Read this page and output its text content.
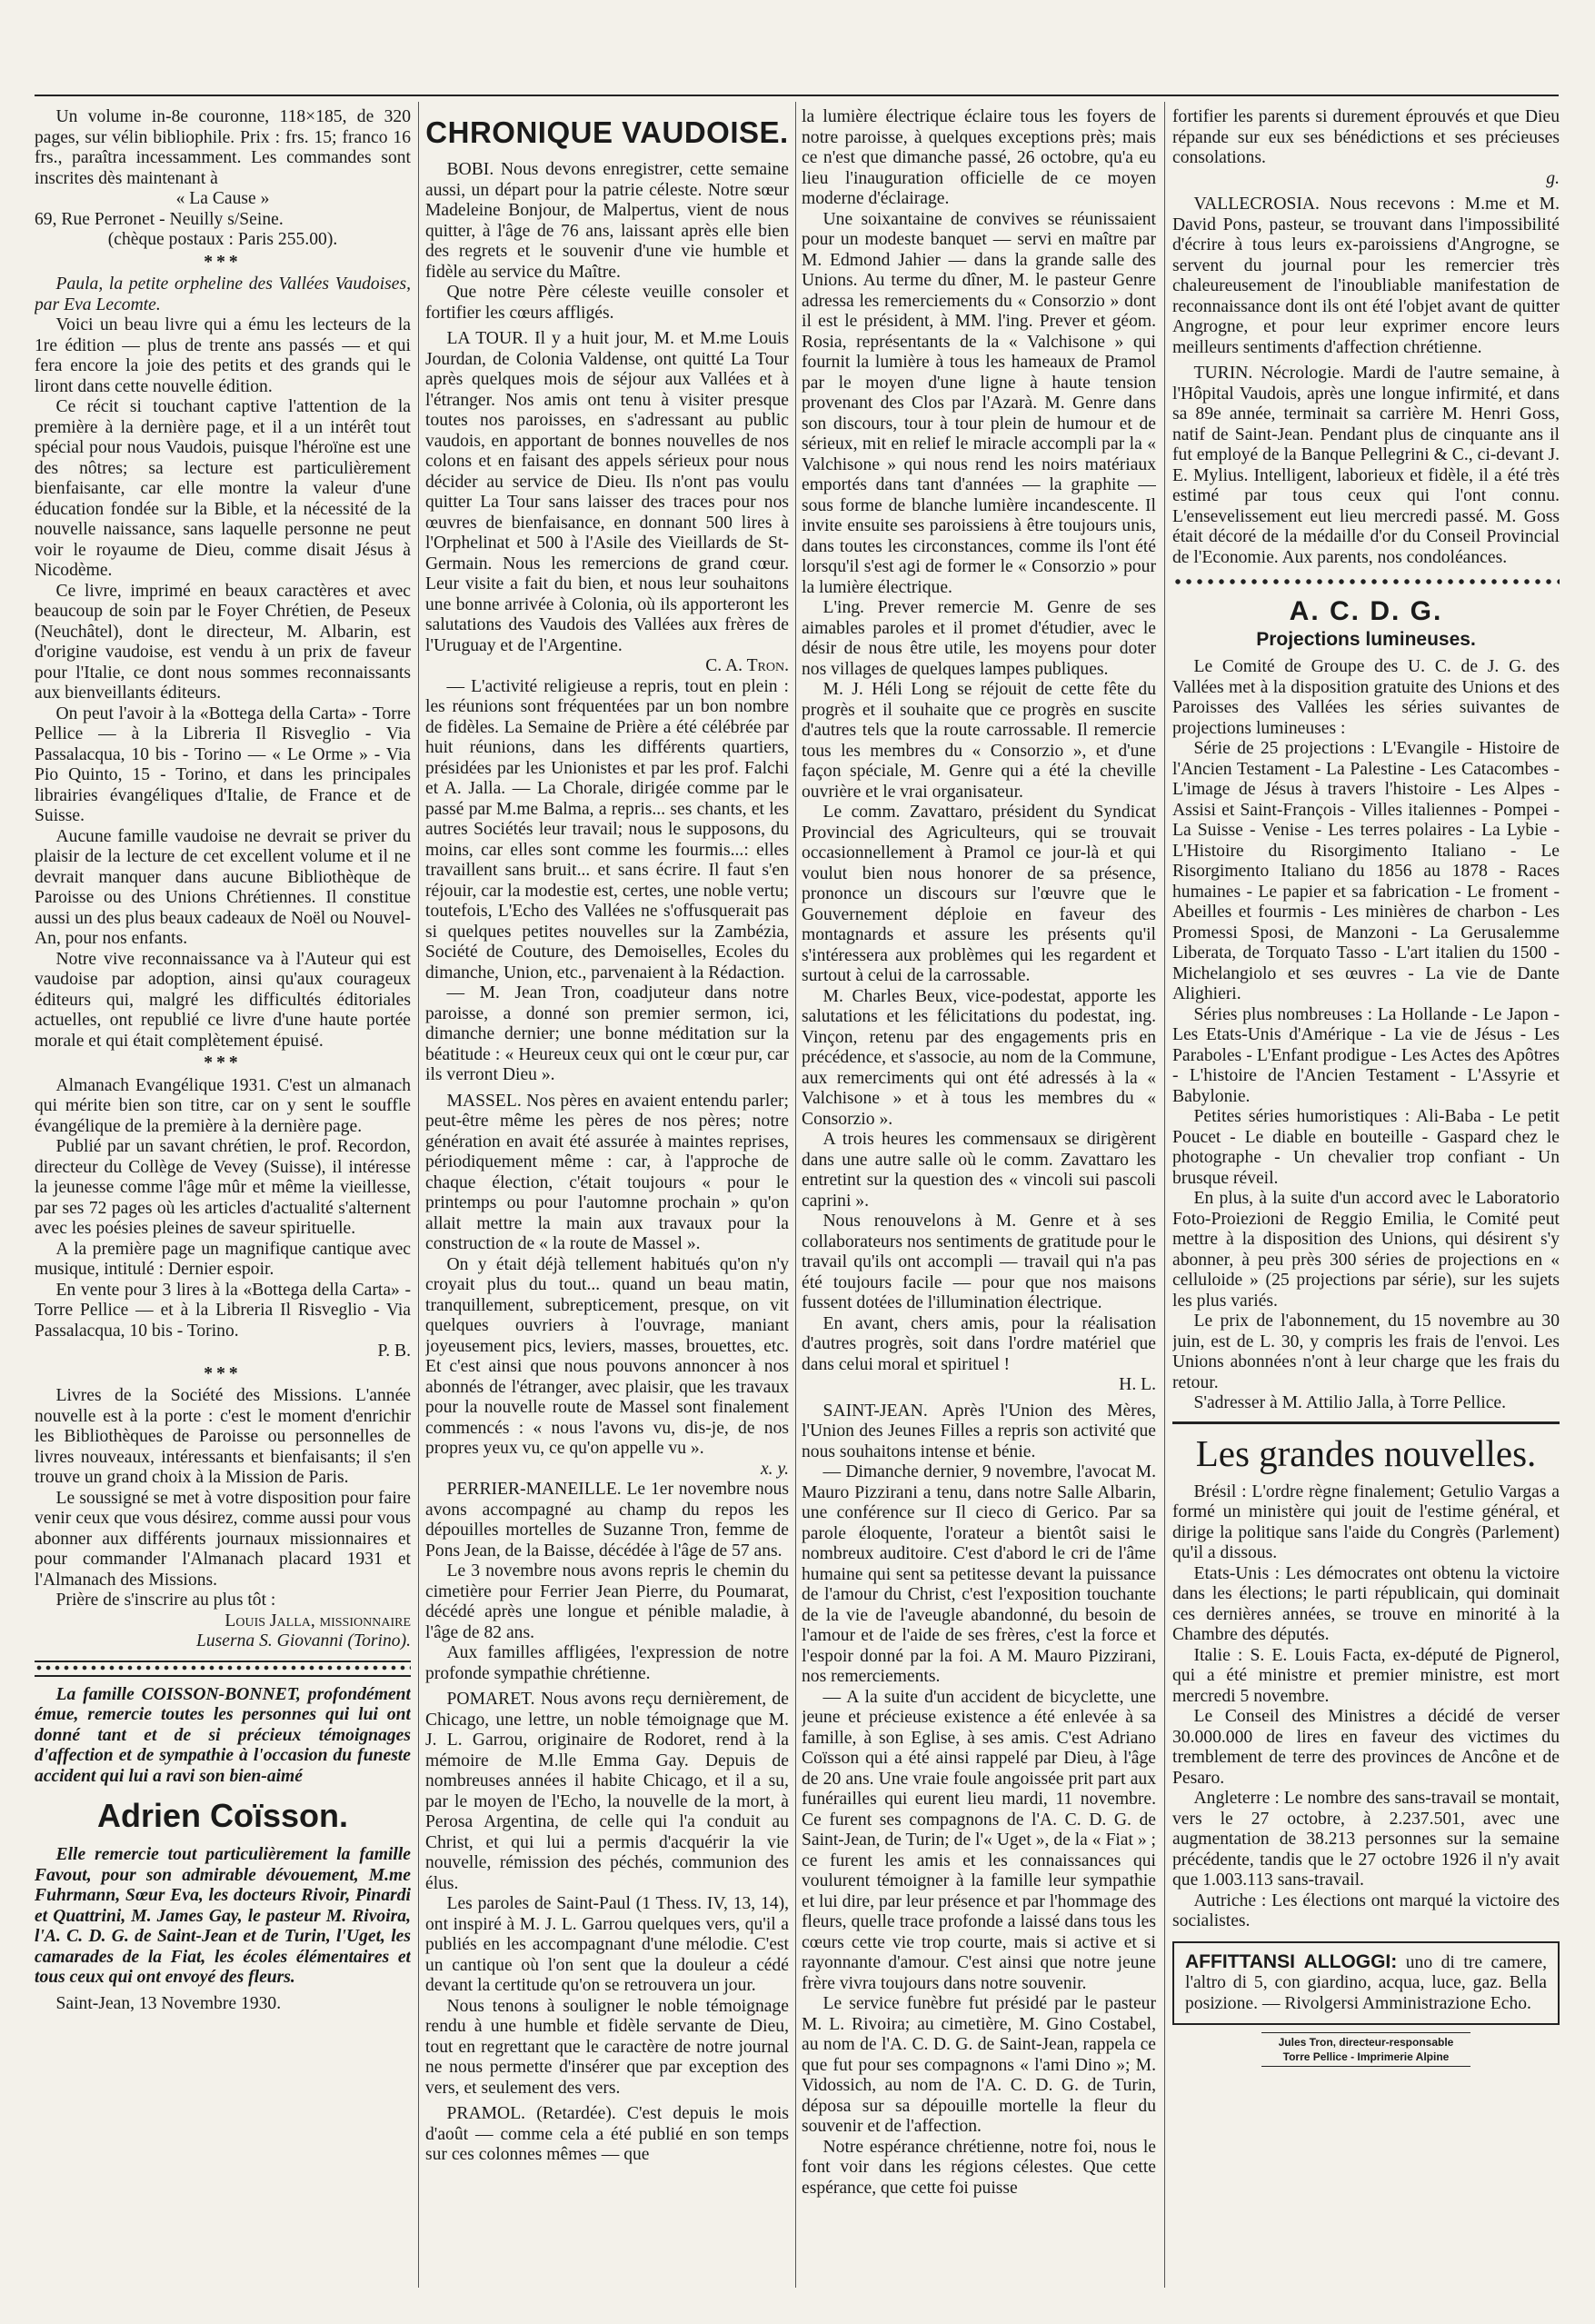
Un volume in-8e couronne, 118×185, de 320 pages, sur vélin bibliophile. Prix : frs. 15; franco 16 frs., paraîtra incessamment. Les commandes sont inscrites dès maintenant à

« La Cause »

69, Rue Perronet - Neuilly s/Seine.

(chèque postaux : Paris 255.00).

***

Paula, la petite orpheline des Vallées Vaudoises, par Eva Lecomte.

Voici un beau livre qui a ému les lecteurs de la 1re édition — plus de trente ans passés — et qui fera encore la joie des petits et des grands qui le liront dans cette nouvelle édition.

Ce récit si touchant captive l'attention de la première à la dernière page, et il a un intérêt tout spécial pour nous Vaudois, puisque l'héroïne est une des nôtres; sa lecture est particulièrement bienfaisante, car elle montre la valeur d'une éducation fondée sur la Bible, et la nécessité de la nouvelle naissance, sans laquelle personne ne peut voir le royaume de Dieu, comme disait Jésus à Nicodème.

Ce livre, imprimé en beaux caractères et avec beaucoup de soin par le Foyer Chrétien, de Peseux (Neuchâtel), dont le directeur, M. Albarin, est d'origine vaudoise, est vendu à un prix de faveur pour l'Italie, ce dont nous sommes reconnaissants aux bienveillants éditeurs.

On peut l'avoir à la «Bottega della Carta» - Torre Pellice — à la Libreria Il Risveglio - Via Passalacqua, 10 bis - Torino — « Le Orme » - Via Pio Quinto, 15 - Torino, et dans les principales librairies évangéliques d'Italie, de France et de Suisse.

Aucune famille vaudoise ne devrait se priver du plaisir de la lecture de cet excellent volume et il ne devrait manquer dans aucune Bibliothèque de Paroisse ou des Unions Chrétiennes. Il constitue aussi un des plus beaux cadeaux de Noël ou Nouvel-An, pour nos enfants.

Notre vive reconnaissance va à l'Auteur qui est vaudoise par adoption, ainsi qu'aux courageux éditeurs qui, malgré les difficultés éditoriales actuelles, ont republié ce livre d'une haute portée morale et qui était complètement épuisé.

***

Almanach Evangélique 1931. C'est un almanach qui mérite bien son titre, car on y sent le souffle évangélique de la première à la dernière page.

Publié par un savant chrétien, le prof. Recordon, directeur du Collège de Vevey (Suisse), il intéresse la jeunesse comme l'âge mûr et même la vieillesse, par ses 72 pages où les articles d'actualité s'alternent avec les poésies pleines de saveur spirituelle.

A la première page un magnifique cantique avec musique, intitulé : Dernier espoir.

En vente pour 3 lires à la «Bottega della Carta» - Torre Pellice — et à la Libreria Il Risveglio - Via Passalacqua, 10 bis - Torino.

P. B.

***

Livres de la Société des Missions. L'année nouvelle est à la porte : c'est le moment d'enrichir les Bibliothèques de Paroisse ou personnelles de livres nouveaux, intéressants et bienfaisants; il s'en trouve un grand choix à la Mission de Paris.

Le soussigné se met à votre disposition pour faire venir ceux que vous désirez, comme aussi pour vous abonner aux différents journaux missionnaires et pour commander l'Almanach placard 1931 et l'Almanach des Missions.

Prière de s'inscrire au plus tôt :

Louis Jalla, missionnaire

Luserna S. Giovanni (Torino).

La famille COISSON-BONNET, profondément émue, remercie toutes les personnes qui lui ont donné tant et de si précieux témoignages d'affection et de sympathie à l'occasion du funeste accident qui lui a ravi son bien-aimé

Adrien Coïsson.

Elle remercie tout particulièrement la famille Favout, pour son admirable dévouement, M.me Fuhrmann, Sœur Eva, les docteurs Rivoir, Pinardi et Quattrini, M. James Gay, le pasteur M. Rivoira, l'A. C. D. G. de Saint-Jean et de Turin, l'Uget, les camarades de la Fiat, les écoles élémentaires et tous ceux qui ont envoyé des fleurs.

Saint-Jean, 13 Novembre 1930.

CHRONIQUE VAUDOISE.

BOBI. Nous devons enregistrer, cette semaine aussi, un départ pour la patrie céleste. Notre sœur Madeleine Bonjour, de Malpertus, vient de nous quitter, à l'âge de 76 ans, laissant après elle bien des regrets et le souvenir d'une vie humble et fidèle au service du Maître.

Que notre Père céleste veuille consoler et fortifier les cœurs affligés.

LA TOUR. Il y a huit jour, M. et M.me Louis Jourdan, de Colonia Valdense, ont quitté La Tour après quelques mois de séjour aux Vallées et à l'étranger. Nos amis ont tenu à visiter presque toutes nos paroisses, en s'adressant au public vaudois, en apportant de bonnes nouvelles de nos colons et en faisant des appels sérieux pour nous décider au service de Dieu. Ils n'ont pas voulu quitter La Tour sans laisser des traces pour nos œuvres de bienfaisance, en donnant 500 lires à l'Orphelinat et 500 à l'Asile des Vieillards de St-Germain. Nous les remercions de grand cœur. Leur visite a fait du bien, et nous leur souhaitons une bonne arrivée à Colonia, où ils apporteront les salutations des Vaudois des Vallées aux frères de l'Uruguay et de l'Argentine.

C. A. Tron.

— L'activité religieuse a repris, tout en plein : les réunions sont fréquentées par un bon nombre de fidèles. La Semaine de Prière a été célébrée par huit réunions, dans les différents quartiers, présidées par les Unionistes et par les prof. Falchi et A. Jalla. — La Chorale, dirigée comme par le passé par M.me Balma, a repris... ses chants, et les autres Sociétés leur travail; nous le supposons, du moins, car elles sont comme les fourmis...: elles travaillent sans bruit... et sans écrire. Il faut s'en réjouir, car la modestie est, certes, une noble vertu; toutefois, L'Echo des Vallées ne s'offusquerait pas si quelques petites nouvelles sur la Zambézia, Société de Couture, des Demoiselles, Ecoles du dimanche, Union, etc., parvenaient à la Rédaction.

— M. Jean Tron, coadjuteur dans notre paroisse, a donné son premier sermon, ici, dimanche dernier; une bonne méditation sur la béatitude : « Heureux ceux qui ont le cœur pur, car ils verront Dieu ».

MASSEL. Nos pères en avaient entendu parler; peut-être même les pères de nos pères; notre génération en avait été assurée à maintes reprises, périodiquement même : car, à l'approche de chaque élection, c'était toujours « pour le printemps ou pour l'automne prochain » qu'on allait mettre la main aux travaux pour la construction de « la route de Massel ».

On y était déjà tellement habitués qu'on n'y croyait plus du tout... quand un beau matin, tranquillement, subrepticement, presque, on vit quelques ouvriers à l'ouvrage, maniant joyeusement pics, leviers, masses, brouettes, etc. Et c'est ainsi que nous pouvons annoncer à nos abonnés de l'étranger, avec plaisir, que les travaux pour la nouvelle route de Massel sont finalement commencés : « nous l'avons vu, dis-je, de nos propres yeux vu, ce qu'on appelle vu ».

x. y.

PERRIER-MANEILLE. Le 1er novembre nous avons accompagné au champ du repos les dépouilles mortelles de Suzanne Tron, femme de Pons Jean, de la Baisse, décédée à l'âge de 57 ans.

Le 3 novembre nous avons repris le chemin du cimetière pour Ferrier Jean Pierre, du Poumarat, décédé après une longue et pénible maladie, à l'âge de 82 ans.

Aux familles affligées, l'expression de notre profonde sympathie chrétienne.

POMARET. Nous avons reçu dernièrement, de Chicago, une lettre, un noble témoignage que M. J. L. Garrou, originaire de Rodoret, rend à la mémoire de M.lle Emma Gay. Depuis de nombreuses années il habite Chicago, et il a su, par le moyen de l'Echo, la nouvelle de la mort, à Perosa Argentina, de celle qui l'a conduit au Christ, et qui lui a permis d'acquérir la vie nouvelle, rémission des péchés, communion des élus.

Les paroles de Saint-Paul (1 Thess. IV, 13, 14), ont inspiré à M. J. L. Garrou quelques vers, qu'il a publiés en les accompagnant d'une mélodie. C'est un cantique où l'on sent que la douleur a cédé devant la certitude qu'on se retrouvera un jour.

Nous tenons à souligner le noble témoignage rendu à une humble et fidèle servante de Dieu, tout en regrettant que le caractère de notre journal ne nous permette d'insérer que par exception des vers, et seulement des vers.

PRAMOL. (Retardée). C'est depuis le mois d'août — comme cela a été publié en son temps sur ces colonnes mêmes — que

la lumière électrique éclaire tous les foyers de notre paroisse, à quelques exceptions près; mais ce n'est que dimanche passé, 26 octobre, qu'a eu lieu l'inauguration officielle de ce moyen moderne d'éclairage.

Une soixantaine de convives se réunissaient pour un modeste banquet — servi en maître par M. Edmond Jahier — dans la grande salle des Unions. Au terme du dîner, M. le pasteur Genre adressa les remerciements du « Consorzio » dont il est le président, à MM. l'ing. Prever et géom. Rosia, représentants de la « Valchisone » qui fournit la lumière à tous les hameaux de Pramol par le moyen d'une ligne à haute tension provenant des Clos par l'Azarà. M. Genre dans son discours, tour à tour plein de humour et de sérieux, mit en relief le miracle accompli par la « Valchisone » qui nous rend les noirs matériaux emportés dans tant d'années — la graphite — sous forme de blanche lumière incandescente. Il invite ensuite ses paroissiens à être toujours unis, dans toutes les circonstances, comme ils l'ont été lorsqu'il s'est agi de former le « Consorzio » pour la lumière électrique.

L'ing. Prever remercie M. Genre de ses aimables paroles et il promet d'étudier, avec le désir de nous être utile, les moyens pour doter nos villages de quelques lampes publiques.

M. J. Héli Long se réjouit de cette fête du progrès et il souhaite que ce progrès en suscite d'autres tels que la route carrossable. Il remercie tous les membres du « Consorzio », et d'une façon spéciale, M. Genre qui a été la cheville ouvrière et le vrai organisateur.

Le comm. Zavattaro, président du Syndicat Provincial des Agriculteurs, qui se trouvait occasionnellement à Pramol ce jour-là et qui voulut bien nous honorer de sa présence, prononce un discours sur l'œuvre que le Gouvernement déploie en faveur des montagnards et assure les présents qu'il s'intéressera aux problèmes qui les regardent et surtout à celui de la carrossable.

M. Charles Beux, vice-podestat, apporte les salutations et les félicitations du podestat, ing. Vinçon, retenu par des engagements pris en précédence, et s'associe, au nom de la Commune, aux remerciments qui ont été adressés à la « Valchisone » et à tous les membres du « Consorzio ».

A trois heures les commensaux se dirigèrent dans une autre salle où le comm. Zavattaro les entretint sur la question des « vincoli sui pascoli caprini ».

Nous renouvelons à M. Genre et à ses collaborateurs nos sentiments de gratitude pour le travail qu'ils ont accompli — travail qui n'a pas été toujours facile — pour que nos maisons fussent dotées de l'illumination électrique.

En avant, chers amis, pour la réalisation d'autres progrès, soit dans l'ordre matériel que dans celui moral et spirituel !

H. L.

SAINT-JEAN. Après l'Union des Mères, l'Union des Jeunes Filles a repris son activité que nous souhaitons intense et bénie.

— Dimanche dernier, 9 novembre, l'avocat M. Mauro Pizzirani a tenu, dans notre Salle Albarin, une conférence sur Il cieco di Gerico. Par sa parole éloquente, l'orateur a bientôt saisi le nombreux auditoire. C'est d'abord le cri de l'âme humaine qui sent sa petitesse devant la puissance de l'amour du Christ, c'est l'exposition touchante de la vie de l'aveugle abandonné, du besoin de l'amour et de l'aide de ses frères, c'est la force et l'espoir donné par la foi. A M. Mauro Pizzirani, nos remerciements.

— A la suite d'un accident de bicyclette, une jeune et précieuse existence a été enlevée à sa famille, à son Eglise, à ses amis. C'est Adriano Coïsson qui a été ainsi rappelé par Dieu, à l'âge de 20 ans. Une vraie foule angoissée prit part aux funérailles qui eurent lieu mardi, 11 novembre. Ce furent ses compagnons de l'A. C. D. G. de Saint-Jean, de Turin; de l'« Uget », de la « Fiat » ; ce furent les amis et les connaissances qui voulurent témoigner à la famille leur sympathie et lui dire, par leur présence et par l'hommage des fleurs, quelle trace profonde a laissé dans tous les cœurs cette vie trop courte, mais si active et si rayonnante d'amour. C'est ainsi que notre jeune frère vivra toujours dans notre souvenir.

Le service funèbre fut présidé par le pasteur M. L. Rivoira; au cimetière, M. Gino Costabel, au nom de l'A. C. D. G. de Saint-Jean, rappela ce que fut pour ses compagnons « l'ami Dino »; M. Vidossich, au nom de l'A. C. D. G. de Turin, déposa sur sa dépouille mortelle la fleur du souvenir et de l'affection.

Notre espérance chrétienne, notre foi, nous le font voir dans les régions célestes. Que cette espérance, que cette foi puisse

fortifier les parents si durement éprouvés et que Dieu répande sur eux ses bénédictions et ses précieuses consolations.

g.

VALLECROSIA. Nous recevons : M.me et M. David Pons, pasteur, se trouvant dans l'impossibilité d'écrire à tous leurs ex-paroissiens d'Angrogne, se servent du journal pour les remercier très chaleureusement de l'inoubliable manifestation de reconnaissance dont ils ont été l'objet avant de quitter Angrogne, et pour leur exprimer encore leurs meilleurs sentiments d'affection chrétienne.

TURIN. Nécrologie. Mardi de l'autre semaine, à l'Hôpital Vaudois, après une longue infirmité, et dans sa 89e année, terminait sa carrière M. Henri Goss, natif de Saint-Jean. Pendant plus de cinquante ans il fut employé de la Banque Pellegrini & C., ci-devant J. E. Mylius. Intelligent, laborieux et fidèle, il a été très estimé par tous ceux qui l'ont connu. L'ensevelissement eut lieu mercredi passé. M. Goss était décoré de la médaille d'or du Conseil Provincial de l'Economie. Aux parents, nos condoléances.

A. C. D. G.
Projections lumineuses.

Le Comité de Groupe des U. C. de J. G. des Vallées met à la disposition gratuite des Unions et des Paroisses des Vallées les séries suivantes de projections lumineuses :

Série de 25 projections : L'Evangile - Histoire de l'Ancien Testament - La Palestine - Les Catacombes - L'image de Jésus à travers l'histoire - Les Alpes - Assisi et Saint-François - Villes italiennes - Pompei - La Suisse - Venise - Les terres polaires - La Lybie - L'Histoire du Risorgimento Italiano - Le Risorgimento Italiano du 1856 au 1878 - Races humaines - Le papier et sa fabrication - Le froment - Abeilles et fourmis - Les minières de charbon - Les Promessi Sposi, de Manzoni - La Gerusalemme Liberata, de Torquato Tasso - L'art italien du 1500 - Michelangiolo et ses œuvres - La vie de Dante Alighieri.

Séries plus nombreuses : La Hollande - Le Japon - Les Etats-Unis d'Amérique - La vie de Jésus - Les Paraboles - L'Enfant prodigue - Les Actes des Apôtres - L'histoire de l'Ancien Testament - L'Assyrie et Babylonie.

Petites séries humoristiques : Ali-Baba - Le petit Poucet - Le diable en bouteille - Gaspard chez le photographe - Un chevalier trop confiant - Un brusque réveil.

En plus, à la suite d'un accord avec le Laboratorio Foto-Proiezioni de Reggio Emilia, le Comité peut mettre à la disposition des Unions, qui désirent s'y abonner, à peu près 300 séries de projections en « celluloide » (25 projections par série), sur les sujets les plus variés.

Le prix de l'abonnement, du 15 novembre au 30 juin, est de L. 30, y compris les frais de l'envoi. Les Unions abonnées n'ont à leur charge que les frais du retour.

S'adresser à M. Attilio Jalla, à Torre Pellice.

Les grandes nouvelles.

Brésil : L'ordre règne finalement; Getulio Vargas a formé un ministère qui jouit de l'estime général, et dirige la politique sans l'aide du Congrès (Parlement) qu'il a dissous.

Etats-Unis : Les démocrates ont obtenu la victoire dans les élections; le parti républicain, qui dominait ces dernières années, se trouve en minorité à la Chambre des députés.

Italie : S. E. Louis Facta, ex-député de Pignerol, qui a été ministre et premier ministre, est mort mercredi 5 novembre.

Le Conseil des Ministres a décidé de verser 30.000.000 de lires en faveur des victimes du tremblement de terre des provinces de Ancône et de Pesaro.

Angleterre : Le nombre des sans-travail se montait, vers le 27 octobre, à 2.237.501, avec une augmentation de 38.213 personnes sur la semaine précédente, tandis que le 27 octobre 1926 il n'y avait que 1.003.113 sans-travail.

Autriche : Les élections ont marqué la victoire des socialistes.

AFFITTANSI ALLOGGI: uno di tre camere, l'altro di 5, con giardino, acqua, luce, gaz. Bella posizione. — Rivolgersi Amministrazione Echo.
Jules Tron, directeur-responsable
Torre Pellice - Imprimerie Alpine
